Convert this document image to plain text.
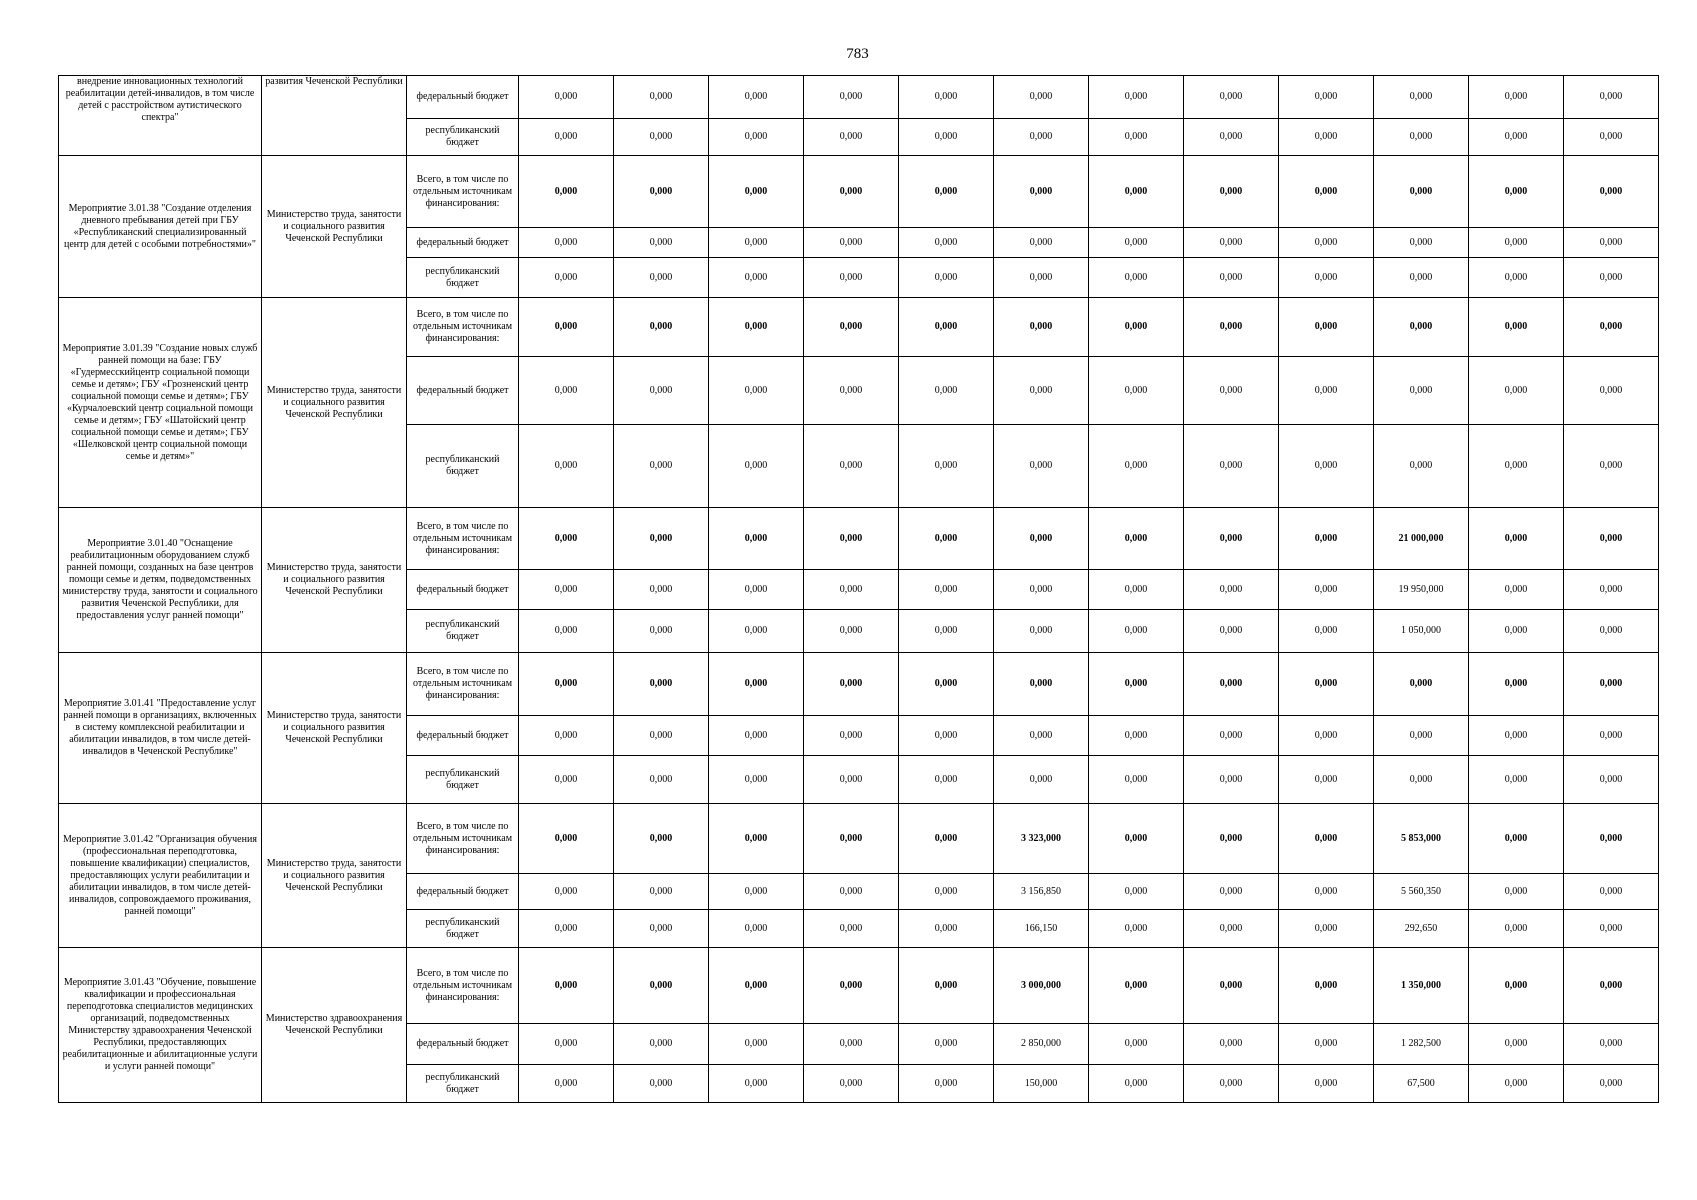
783
внедрение инновационных технологий реабилитации детей-инвалидов, в том числе детей с расстройством аутистического спектра"	развития Чеченской Республики	федеральный бюджет	0,000	0,000	0,000	0,000	0,000	0,000	0,000	0,000	0,000	0,000	0,000	0,000
		республиканский бюджет	0,000	0,000	0,000	0,000	0,000	0,000	0,000	0,000	0,000	0,000	0,000	0,000
Мероприятие 3.01.38 "Создание отделения дневного пребывания детей при ГБУ «Республиканский специализированный центр для детей с особыми потребностями»"	Министерство труда, занятости и социального развития Чеченской Республики	Всего, в том числе по отдельным источникам финансирования:	0,000	0,000	0,000	0,000	0,000	0,000	0,000	0,000	0,000	0,000	0,000	0,000
		федеральный бюджет	0,000	0,000	0,000	0,000	0,000	0,000	0,000	0,000	0,000	0,000	0,000	0,000
		республиканский бюджет	0,000	0,000	0,000	0,000	0,000	0,000	0,000	0,000	0,000	0,000	0,000	0,000
Мероприятие 3.01.39 "Создание новых служб ранней помощи на базе: ГБУ «Гудермесскийцентр социальной помощи семье и детям»; ГБУ «Грозненский центр социальной помощи семье и детям»; ГБУ «Курчалоевский центр социальной помощи семье и детям»; ГБУ «Шатойский центр социальной помощи семье и детям»; ГБУ «Шелковской центр социальной помощи семье и детям»"	Министерство труда, занятости и социального развития Чеченской Республики	Всего, в том числе по отдельным источникам финансирования:	0,000	0,000	0,000	0,000	0,000	0,000	0,000	0,000	0,000	0,000	0,000	0,000
		федеральный бюджет	0,000	0,000	0,000	0,000	0,000	0,000	0,000	0,000	0,000	0,000	0,000	0,000
		республиканский бюджет	0,000	0,000	0,000	0,000	0,000	0,000	0,000	0,000	0,000	0,000	0,000	0,000
Мероприятие 3.01.40 "Оснащение реабилитационным оборудованием служб ранней помощи, созданных на базе центров помощи семье и детям, подведомственных министерству труда, занятости и социального развития Чеченской Республики, для предоставления услуг ранней помощи"	Министерство труда, занятости и социального развития Чеченской Республики	Всего, в том числе по отдельным источникам финансирования:	0,000	0,000	0,000	0,000	0,000	0,000	0,000	0,000	0,000	21 000,000	0,000	0,000
		федеральный бюджет	0,000	0,000	0,000	0,000	0,000	0,000	0,000	0,000	0,000	19 950,000	0,000	0,000
		республиканский бюджет	0,000	0,000	0,000	0,000	0,000	0,000	0,000	0,000	0,000	1 050,000	0,000	0,000
Мероприятие 3.01.41 "Предоставление услуг ранней помощи в организациях, включенных в систему комплексной реабилитации и абилитации инвалидов, в том числе детей-инвалидов в Чеченской Республике"	Министерство труда, занятости и социального развития Чеченской Республики	Всего, в том числе по отдельным источникам финансирования:	0,000	0,000	0,000	0,000	0,000	0,000	0,000	0,000	0,000	0,000	0,000	0,000
		федеральный бюджет	0,000	0,000	0,000	0,000	0,000	0,000	0,000	0,000	0,000	0,000	0,000	0,000
		республиканский бюджет	0,000	0,000	0,000	0,000	0,000	0,000	0,000	0,000	0,000	0,000	0,000	0,000
Мероприятие 3.01.42 "Организация обучения (профессиональная переподготовка, повышение квалификации) специалистов, предоставляющих услуги реабилитации и абилитации инвалидов, в том числе детей-инвалидов, сопровождаемого проживания, ранней помощи"	Министерство труда, занятости и социального развития Чеченской Республики	Всего, в том числе по отдельным источникам финансирования:	0,000	0,000	0,000	0,000	0,000	3 323,000	0,000	0,000	0,000	5 853,000	0,000	0,000
		федеральный бюджет	0,000	0,000	0,000	0,000	0,000	3 156,850	0,000	0,000	0,000	5 560,350	0,000	0,000
		республиканский бюджет	0,000	0,000	0,000	0,000	0,000	166,150	0,000	0,000	0,000	292,650	0,000	0,000
Мероприятие 3.01.43 "Обучение, повышение квалификации и профессиональная переподготовка специалистов медицинских организаций, подведомственных Министерству здравоохранения Чеченской Республики, предоставляющих реабилитационные и абилитационные услуги и услуги ранней помощи"	Министерство здравоохранения Чеченской Республики	Всего, в том числе по отдельным источникам финансирования:	0,000	0,000	0,000	0,000	0,000	3 000,000	0,000	0,000	0,000	1 350,000	0,000	0,000
		федеральный бюджет	0,000	0,000	0,000	0,000	0,000	2 850,000	0,000	0,000	0,000	1 282,500	0,000	0,000
		республиканский бюджет	0,000	0,000	0,000	0,000	0,000	150,000	0,000	0,000	0,000	67,500	0,000	0,000
